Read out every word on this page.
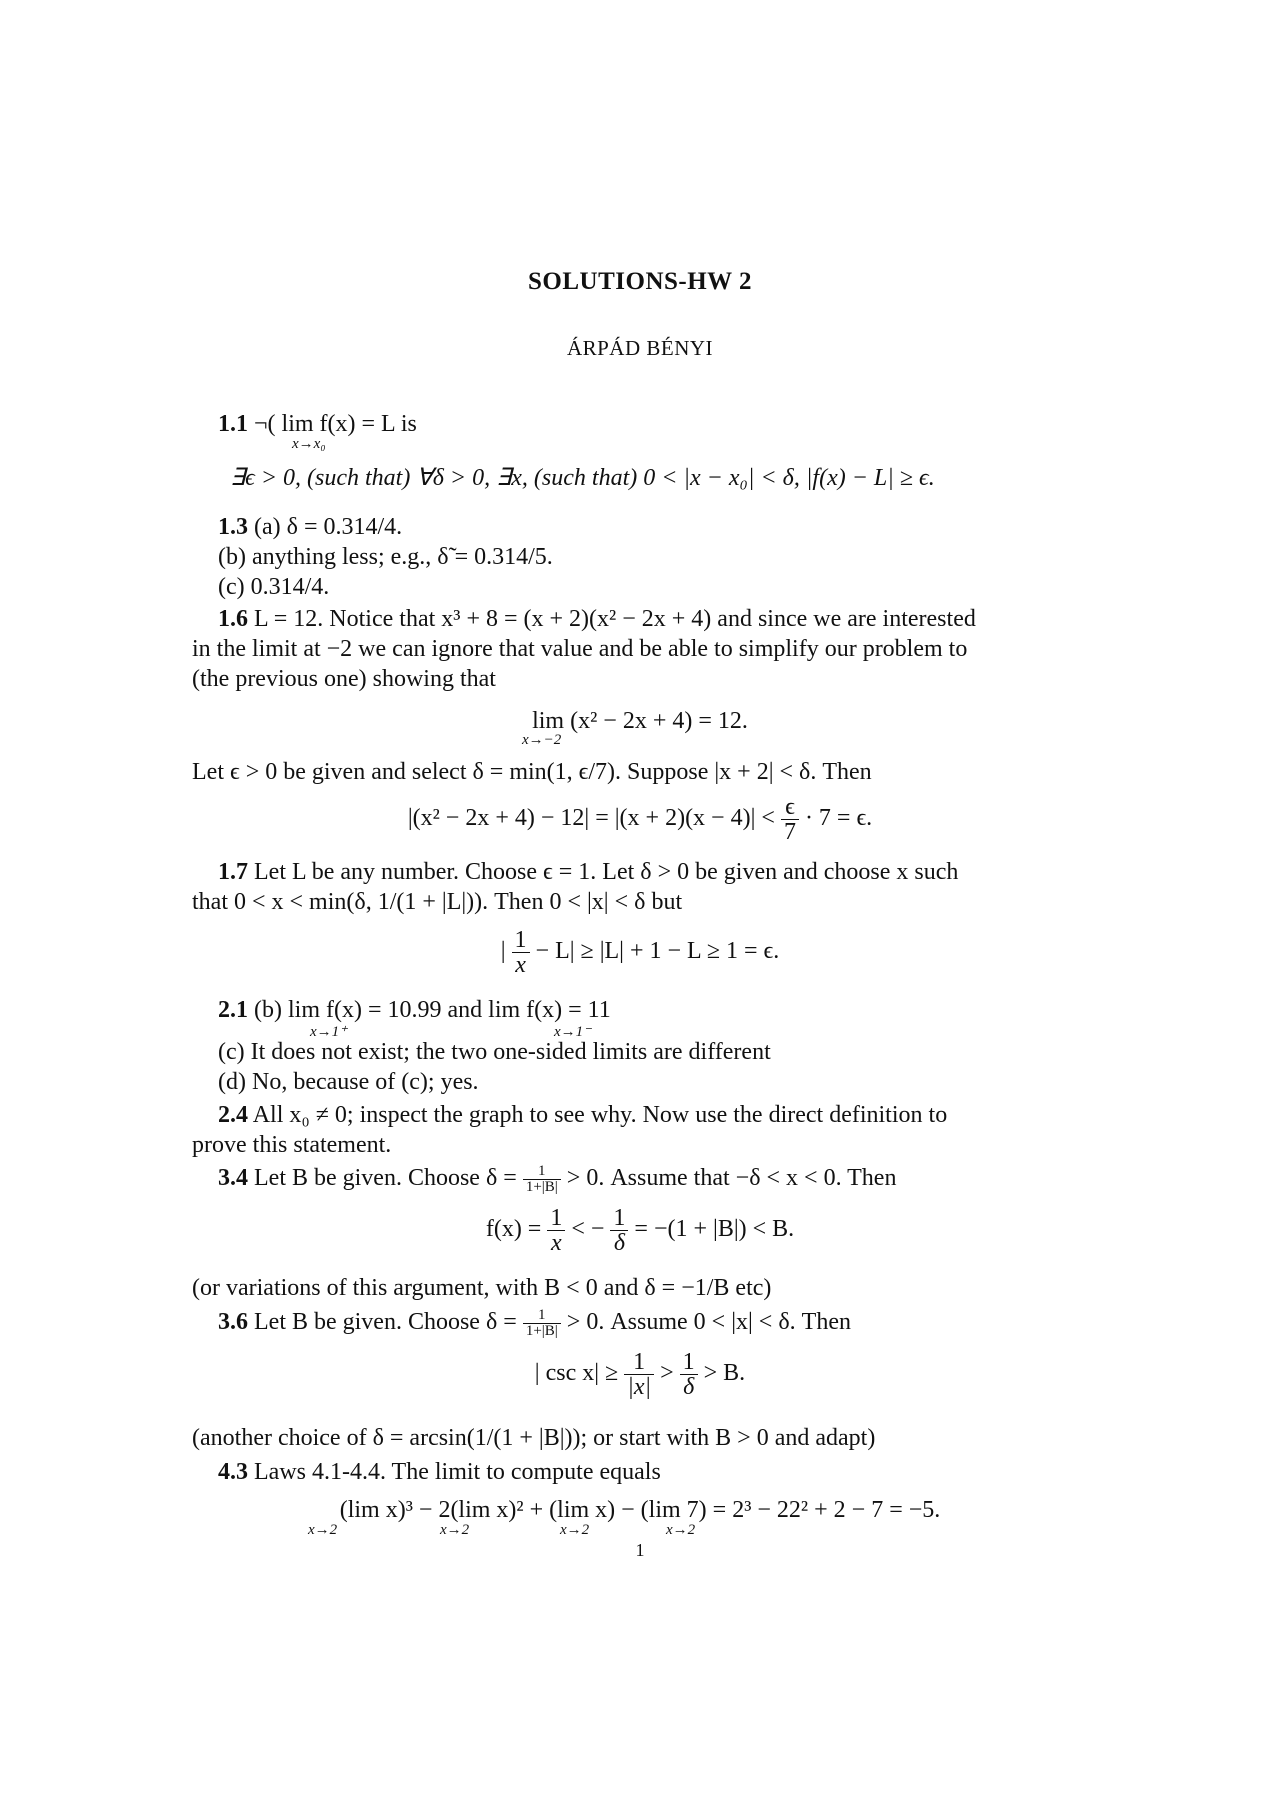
SOLUTIONS-HW 2
ÁRPÁD BÉNYI
1.1 ¬( lim f(x) = L is
x→x₀
∃ϵ > 0, (such that) ∀δ > 0, ∃x, (such that) 0 < |x − x₀| < δ, |f(x) − L| ≥ ϵ.
1.3 (a) δ = 0.314/4.
(b) anything less; e.g., δ̃ = 0.314/5.
(c) 0.314/4.
1.6 L = 12. Notice that x³ + 8 = (x + 2)(x² − 2x + 4) and since we are interested
in the limit at −2 we can ignore that value and be able to simplify our problem to
(the previous one) showing that
lim (x² − 2x + 4) = 12.
x→−2
Let ϵ > 0 be given and select δ = min(1, ϵ/7). Suppose |x + 2| < δ. Then
$|(x^2 - 2x + 4) - 12| = |(x + 2)(x - 4)| < \frac{\epsilon}{7} \cdot 7 = \epsilon$.
1.7 Let L be any number. Choose ϵ = 1. Let δ > 0 be given and choose x such
that 0 < x < min(δ, 1/(1 + |L|)). Then 0 < |x| < δ but
| $\frac{1}{x} - L| \ge |L| + 1 - L \ge 1 = \epsilon$.
2.1 (b) lim f(x) = 10.99 and lim f(x) = 11
x→1⁺	x→1⁻
(c) It does not exist; the two one-sided limits are different
(d) No, because of (c); yes.
2.4 All x₀ ≠ 0; inspect the graph to see why. Now use the direct definition to
prove this statement.
3.4 Let B be given. Choose $\delta = \frac{1}{1+|B|} > 0$. Assume that −δ < x < 0. Then
$f(x) = \frac{1}{x}$ < − $\frac{1}{\delta} = -(1 + |B|) < B$.
(or variations of this argument, with B < 0 and δ = −1/B etc)
3.6 Let B be given. Choose $\delta = \frac{1}{1+|B|} > 0$. Assume 0 < |x| < δ. Then
| $\csc x| \ge \frac{1}{|x|} > \frac{1}{\delta} > B$.
(another choice of δ = arcsin(1/(1 + |B|)); or start with B > 0 and adapt)
4.3 Laws 4.1-4.4. The limit to compute equals
(lim x)³ − 2(lim x)² + (lim x) − (lim 7) = 2³ − 22² + 2 − 7 = −5.
x→2	x→2	x→2	x→2
1
